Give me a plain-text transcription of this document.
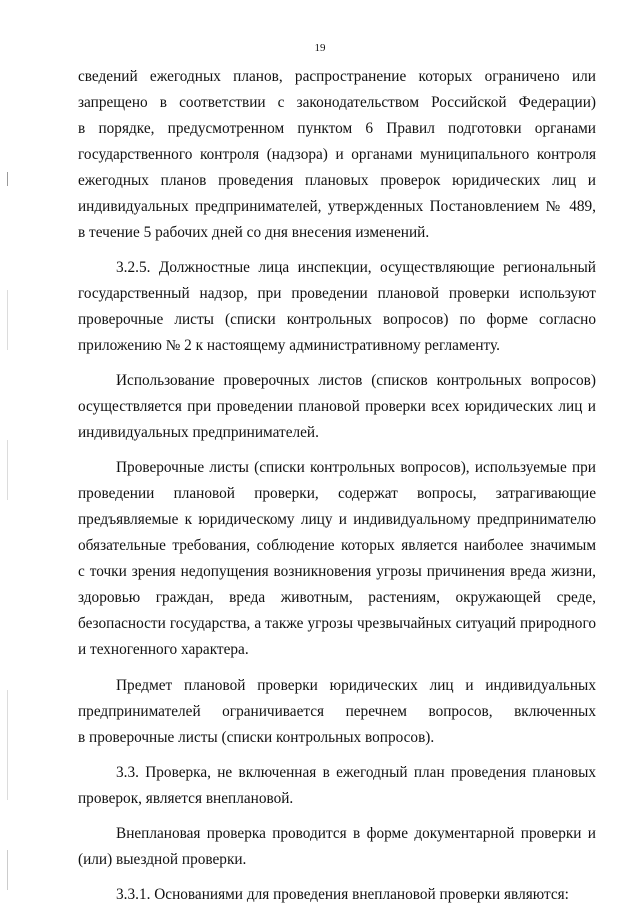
19
сведений ежегодных планов, распространение которых ограничено или
запрещено в соответствии с законодательством Российской Федерации)
в порядке, предусмотренном пунктом 6 Правил подготовки органами
государственного контроля (надзора) и органами муниципального контроля
ежегодных планов проведения плановых проверок юридических лиц и
индивидуальных предпринимателей, утвержденных Постановлением № 489,
в течение 5 рабочих дней со дня внесения изменений.
3.2.5. Должностные лица инспекции, осуществляющие региональный
государственный надзор, при проведении плановой проверки используют
проверочные листы (списки контрольных вопросов) по форме согласно
приложению № 2 к настоящему административному регламенту.
Использование проверочных листов (списков контрольных вопросов)
осуществляется при проведении плановой проверки всех юридических лиц и
индивидуальных предпринимателей.
Проверочные листы (списки контрольных вопросов), используемые при
проведении плановой проверки, содержат вопросы, затрагивающие
предъявляемые к юридическому лицу и индивидуальному предпринимателю
обязательные требования, соблюдение которых является наиболее значимым
с точки зрения недопущения возникновения угрозы причинения вреда жизни,
здоровью граждан, вреда животным, растениям, окружающей среде,
безопасности государства, а также угрозы чрезвычайных ситуаций природного
и техногенного характера.
Предмет плановой проверки юридических лиц и индивидуальных
предпринимателей ограничивается перечнем вопросов, включенных
в проверочные листы (списки контрольных вопросов).
3.3. Проверка, не включенная в ежегодный план проведения плановых
проверок, является внеплановой.
Внеплановая проверка проводится в форме документарной проверки и
(или) выездной проверки.
3.3.1. Основаниями для проведения внеплановой проверки являются:
